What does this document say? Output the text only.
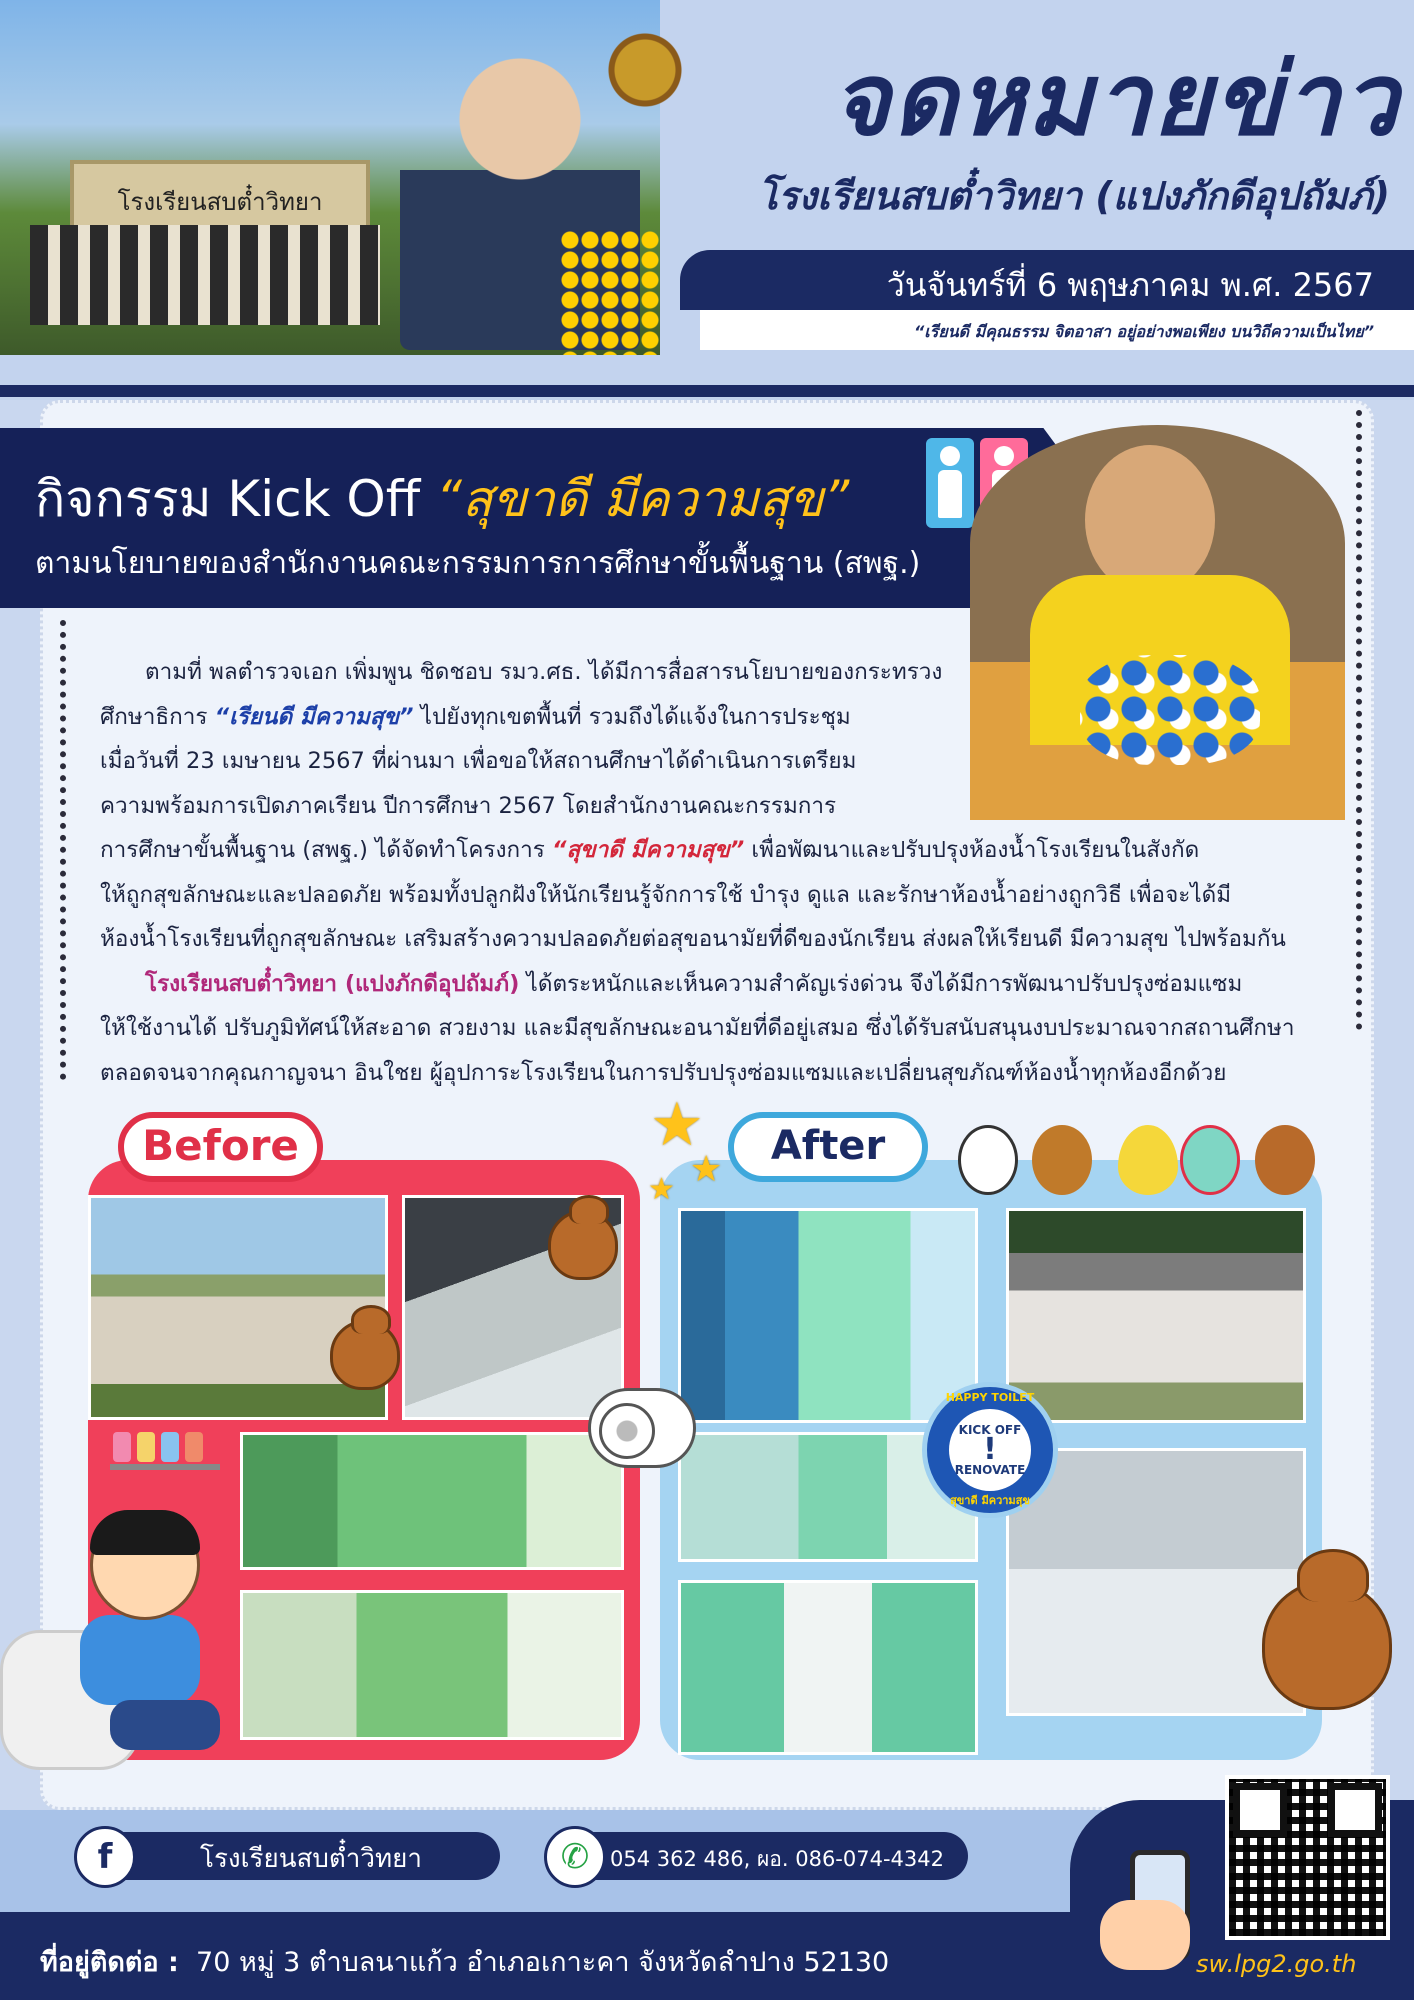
โรงเรียนสบต๋ำวิทยา
จดหมายข่าว
โรงเรียนสบต๋ำวิทยา (แปงภักดีอุปถัมภ์)
วันจันทร์ที่ 6 พฤษภาคม พ.ศ. 2567
“เรียนดี มีคุณธรรม จิตอาสา อยู่อย่างพอเพียง บนวิถีความเป็นไทย”
กิจกรรม Kick Off “สุขาดี มีความสุข”
ตามนโยบายของสำนักงานคณะกรรมการการศึกษาขั้นพื้นฐาน (สพฐ.)

ตามที่ พลตำรวจเอก เพิ่มพูน ชิดชอบ รมว.ศธ. ได้มีการสื่อสารนโยบายของกระทรวง

ศึกษาธิการ “เรียนดี มีความสุข” ไปยังทุกเขตพื้นที่ รวมถึงได้แจ้งในการประชุม

เมื่อวันที่ 23 เมษายน 2567 ที่ผ่านมา เพื่อขอให้สถานศึกษาได้ดำเนินการเตรียม

ความพร้อมการเปิดภาคเรียน ปีการศึกษา 2567 โดยสำนักงานคณะกรรมการ

การศึกษาขั้นพื้นฐาน (สพฐ.) ได้จัดทำโครงการ “สุขาดี มีความสุข” เพื่อพัฒนาและปรับปรุงห้องน้ำโรงเรียนในสังกัด

ให้ถูกสุขลักษณะและปลอดภัย พร้อมทั้งปลูกฝังให้นักเรียนรู้จักการใช้ บำรุง ดูแล และรักษาห้องน้ำอย่างถูกวิธี เพื่อจะได้มี

ห้องน้ำโรงเรียนที่ถูกสุขลักษณะ เสริมสร้างความปลอดภัยต่อสุขอนามัยที่ดีของนักเรียน ส่งผลให้เรียนดี มีความสุข ไปพร้อมกัน

โรงเรียนสบต๋ำวิทยา (แปงภักดีอุปถัมภ์) ได้ตระหนักและเห็นความสำคัญเร่งด่วน จึงได้มีการพัฒนาปรับปรุงซ่อมแซม

ให้ใช้งานได้ ปรับภูมิทัศน์ให้สะอาด สวยงาม และมีสุขลักษณะอนามัยที่ดีอยู่เสมอ ซึ่งได้รับสนับสนุนงบประมาณจากสถานศึกษา

ตลอดจนจากคุณกาญจนา อินใชย ผู้อุปการะโรงเรียนในการปรับปรุงซ่อมแซมและเปลี่ยนสุขภัณฑ์ห้องน้ำทุกห้องอีกด้วย

Before	After
★
★
★
HAPPY TOILET
KICK OFF
!
RENOVATE
สุขาดี มีความสุข
โรงเรียนสบต๋ำวิทยา
f	054 362 486, ผอ. 086-074-4342
✆
ที่อยู่ติดต่อ : 70 หมู่ 3 ตำบลนาแก้ว อำเภอเกาะคา จังหวัดลำปาง 52130	sw.lpg2.go.th
